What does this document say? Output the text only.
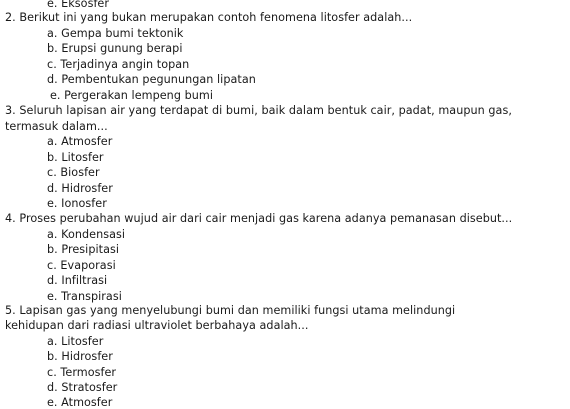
e. Eksosfer
2. Berikut ini yang bukan merupakan contoh fenomena litosfer adalah...
a. Gempa bumi tektonik
b. Erupsi gunung berapi
c. Terjadinya angin topan
d. Pembentukan pegunungan lipatan
e. Pergerakan lempeng bumi
3. Seluruh lapisan air yang terdapat di bumi, baik dalam bentuk cair, padat, maupun gas,
termasuk dalam...
a. Atmosfer
b. Litosfer
c. Biosfer
d. Hidrosfer
e. Ionosfer
4. Proses perubahan wujud air dari cair menjadi gas karena adanya pemanasan disebut...
a. Kondensasi
b. Presipitasi
c. Evaporasi
d. Infiltrasi
e. Transpirasi
5. Lapisan gas yang menyelubungi bumi dan memiliki fungsi utama melindungi
kehidupan dari radiasi ultraviolet berbahaya adalah...
a. Litosfer
b. Hidrosfer
c. Termosfer
d. Stratosfer
e. Atmosfer
